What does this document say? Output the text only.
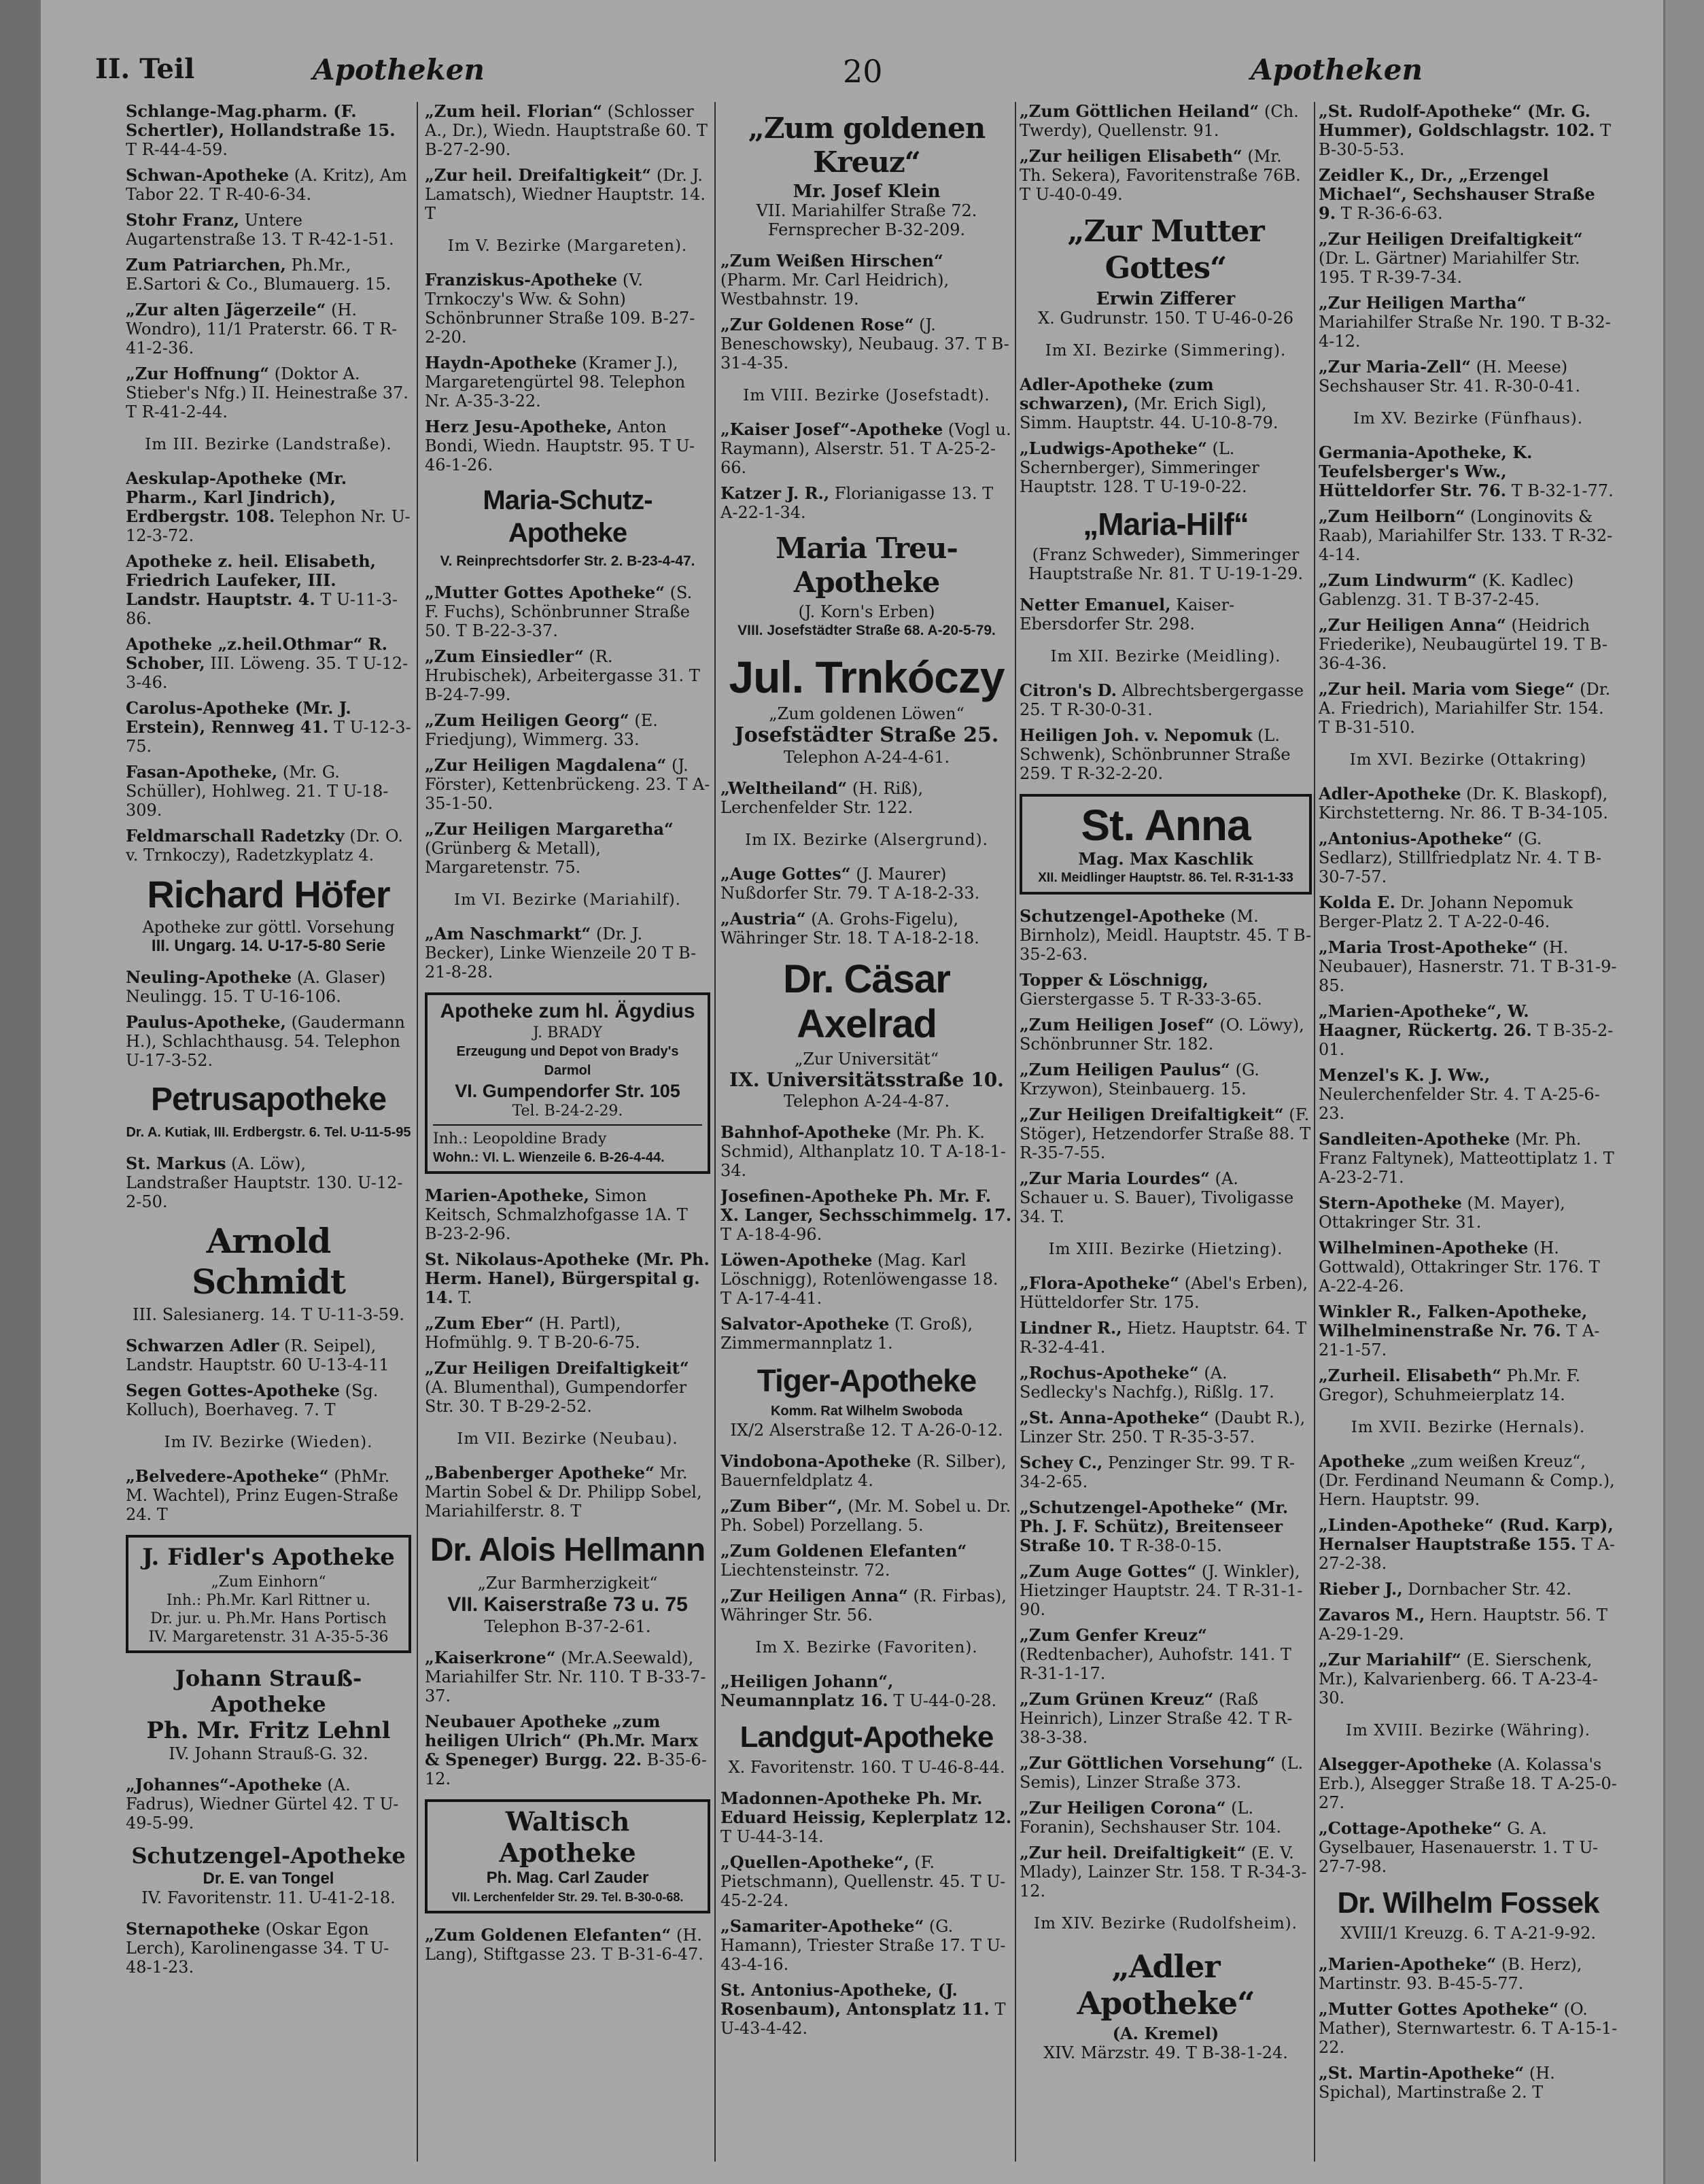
II. Teil	Apotheken	20	Apotheken
Schlange-Mag.pharm. (F. Schertler), Hollandstraße 15. T R-44-4-59.
Schwan-Apotheke (A. Kritz), Am Tabor 22. T R-40-6-34.
Stohr Franz, Untere Augartenstraße 13. T R-42-1-51.
Zum Patriarchen, Ph.Mr., E.Sartori & Co., Blumauerg. 15.
„Zur alten Jägerzeile“ (H. Wondro), 11/1 Praterstr. 66. T R-41-2-36.
„Zur Hoffnung“ (Doktor A. Stieber's Nfg.) II. Heinestraße 37. T R-41-2-44.
Im III. Bezirke (Landstraße).
Aeskulap-Apotheke (Mr. Pharm., Karl Jindrich), Erdbergstr. 108. Telephon Nr. U-12-3-72.
Apotheke z. heil. Elisabeth, Friedrich Laufeker, III. Landstr. Hauptstr. 4. T U-11-3-86.
Apotheke „z.heil.Othmar“ R. Schober, III. Löweng. 35. T U-12-3-46.
Carolus-Apotheke (Mr. J. Erstein), Rennweg 41. T U-12-3-75.
Fasan-Apotheke, (Mr. G. Schüller), Hohlweg. 21. T U-18-309.
Feldmarschall Radetzky (Dr. O. v. Trnkoczy), Radetzkyplatz 4.
Richard Höfer
Apotheke zur göttl. Vorsehung
III. Ungarg. 14. U-17-5-80 Serie
Neuling-Apotheke (A. Glaser) Neulingg. 15. T U-16-106.
Paulus-Apotheke, (Gaudermann H.), Schlachthausg. 54. Telephon U-17-3-52.
Petrusapotheke
Dr. A. Kutiak, III. Erdbergstr. 6. Tel. U-11-5-95
St. Markus (A. Löw), Landstraßer Hauptstr. 130. U-12-2-50.
Arnold Schmidt
III. Salesianerg. 14. T U-11-3-59.
Schwarzen Adler (R. Seipel), Landstr. Hauptstr. 60 U-13-4-11
Segen Gottes-Apotheke (Sg. Kolluch), Boerhaveg. 7. T
Im IV. Bezirke (Wieden).
„Belvedere-Apotheke“ (PhMr. M. Wachtel), Prinz Eugen-Straße 24. T
J. Fidler's Apotheke
„Zum Einhorn“
Inh.: Ph.Mr. Karl Rittner u.
Dr. jur. u. Ph.Mr. Hans Portisch
IV. Margaretenstr. 31 A-35-5-36
Johann Strauß-Apotheke
Ph. Mr. Fritz Lehnl
IV. Johann Strauß-G. 32.
„Johannes“-Apotheke (A. Fadrus), Wiedner Gürtel 42. T U-49-5-99.
Schutzengel-Apotheke
Dr. E. van Tongel
IV. Favoritenstr. 11. U-41-2-18.
Sternapotheke (Oskar Egon Lerch), Karolinengasse 34. T U-48-1-23.
„Zum heil. Florian“ (Schlosser A., Dr.), Wiedn. Hauptstraße 60. T B-27-2-90.
„Zur heil. Dreifaltigkeit“ (Dr. J. Lamatsch), Wiedner Hauptstr. 14. T
Im V. Bezirke (Margareten).
Franziskus-Apotheke (V. Trnkoczy's Ww. & Sohn) Schönbrunner Straße 109. B-27-2-20.
Haydn-Apotheke (Kramer J.), Margaretengürtel 98. Telephon Nr. A-35-3-22.
Herz Jesu-Apotheke, Anton Bondi, Wiedn. Hauptstr. 95. T U-46-1-26.
Maria-Schutz-Apotheke
V. Reinprechtsdorfer Str. 2. B-23-4-47.
„Mutter Gottes Apotheke“ (S. F. Fuchs), Schönbrunner Straße 50. T B-22-3-37.
„Zum Einsiedler“ (R. Hrubischek), Arbeitergasse 31. T B-24-7-99.
„Zum Heiligen Georg“ (E. Friedjung), Wimmerg. 33.
„Zur Heiligen Magdalena“ (J. Förster), Kettenbrückeng. 23. T A-35-1-50.
„Zur Heiligen Margaretha“ (Grünberg & Metall), Margaretenstr. 75.
Im VI. Bezirke (Mariahilf).
„Am Naschmarkt“ (Dr. J. Becker), Linke Wienzeile 20 T B-21-8-28.
Apotheke zum hl. Ägydius
J. BRADY
Erzeugung und Depot von Brady's Darmol
VI. Gumpendorfer Str. 105
Tel. B-24-2-29.
Inh.: Leopoldine Brady
Wohn.: VI. L. Wienzeile 6. B-26-4-44.
Marien-Apotheke, Simon Keitsch, Schmalzhofgasse 1A. T B-23-2-96.
St. Nikolaus-Apotheke (Mr. Ph. Herm. Hanel), Bürgerspital g. 14. T.
„Zum Eber“ (H. Partl), Hofmühlg. 9. T B-20-6-75.
„Zur Heiligen Dreifaltigkeit“ (A. Blumenthal), Gumpendorfer Str. 30. T B-29-2-52.
Im VII. Bezirke (Neubau).
„Babenberger Apotheke“ Mr. Martin Sobel & Dr. Philipp Sobel, Mariahilferstr. 8. T
Dr. Alois Hellmann
„Zur Barmherzigkeit“
VII. Kaiserstraße 73 u. 75
Telephon B-37-2-61.
„Kaiserkrone“ (Mr.A.Seewald), Mariahilfer Str. Nr. 110. T B-33-7-37.
Neubauer Apotheke „zum heiligen Ulrich“ (Ph.Mr. Marx & Speneger) Burgg. 22. B-35-6-12.
Waltisch Apotheke
Ph. Mag. Carl Zauder
VII. Lerchenfelder Str. 29. Tel. B-30-0-68.
„Zum Goldenen Elefanten“ (H. Lang), Stiftgasse 23. T B-31-6-47.
„Zum goldenen Kreuz“
Mr. Josef Klein
VII. Mariahilfer Straße 72.
Fernsprecher B-32-209.
„Zum Weißen Hirschen“ (Pharm. Mr. Carl Heidrich), Westbahnstr. 19.
„Zur Goldenen Rose“ (J. Beneschowsky), Neubaug. 37. T B-31-4-35.
Im VIII. Bezirke (Josefstadt).
„Kaiser Josef“-Apotheke (Vogl u. Raymann), Alserstr. 51. T A-25-2-66.
Katzer J. R., Florianigasse 13. T A-22-1-34.
Maria Treu-Apotheke
(J. Korn's Erben)
VIII. Josefstädter Straße 68. A-20-5-79.
Jul. Trnkóczy
„Zum goldenen Löwen“
Josefstädter Straße 25.
Telephon A-24-4-61.
„Weltheiland“ (H. Riß), Lerchenfelder Str. 122.
Im IX. Bezirke (Alsergrund).
„Auge Gottes“ (J. Maurer) Nußdorfer Str. 79. T A-18-2-33.
„Austria“ (A. Grohs-Figelu), Währinger Str. 18. T A-18-2-18.
Dr. Cäsar Axelrad
„Zur Universität“
IX. Universitätsstraße 10.
Telephon A-24-4-87.
Bahnhof-Apotheke (Mr. Ph. K. Schmid), Althanplatz 10. T A-18-1-34.
Josefinen-Apotheke Ph. Mr. F. X. Langer, Sechsschimmelg. 17. T A-18-4-96.
Löwen-Apotheke (Mag. Karl Löschnigg), Rotenlöwengasse 18. T A-17-4-41.
Salvator-Apotheke (T. Groß), Zimmermannplatz 1.
Tiger-Apotheke
Komm. Rat Wilhelm Swoboda
IX/2 Alserstraße 12. T A-26-0-12.
Vindobona-Apotheke (R. Silber), Bauernfeldplatz 4.
„Zum Biber“, (Mr. M. Sobel u. Dr. Ph. Sobel) Porzellang. 5.
„Zum Goldenen Elefanten“ Liechtensteinstr. 72.
„Zur Heiligen Anna“ (R. Firbas), Währinger Str. 56.
Im X. Bezirke (Favoriten).
„Heiligen Johann“, Neumannplatz 16. T U-44-0-28.
Landgut-Apotheke
X. Favoritenstr. 160. T U-46-8-44.
Madonnen-Apotheke Ph. Mr. Eduard Heissig, Keplerplatz 12. T U-44-3-14.
„Quellen-Apotheke“, (F. Pietschmann), Quellenstr. 45. T U-45-2-24.
„Samariter-Apotheke“ (G. Hamann), Triester Straße 17. T U-43-4-16.
St. Antonius-Apotheke, (J. Rosenbaum), Antonsplatz 11. T U-43-4-42.
„Zum Göttlichen Heiland“ (Ch. Twerdy), Quellenstr. 91.
„Zur heiligen Elisabeth“ (Mr. Th. Sekera), Favoritenstraße 76B. T U-40-0-49.
„Zur Mutter Gottes“
Erwin Zifferer
X. Gudrunstr. 150. T U-46-0-26
Im XI. Bezirke (Simmering).
Adler-Apotheke (zum schwarzen), (Mr. Erich Sigl), Simm. Hauptstr. 44. U-10-8-79.
„Ludwigs-Apotheke“ (L. Schernberger), Simmeringer Hauptstr. 128. T U-19-0-22.
„Maria-Hilf“
(Franz Schweder), Simmeringer
Hauptstraße Nr. 81. T U-19-1-29.
Netter Emanuel, Kaiser-Ebersdorfer Str. 298.
Im XII. Bezirke (Meidling).
Citron's D. Albrechtsbergergasse 25. T R-30-0-31.
Heiligen Joh. v. Nepomuk (L. Schwenk), Schönbrunner Straße 259. T R-32-2-20.
St. Anna
Mag. Max Kaschlik
XII. Meidlinger Hauptstr. 86. Tel. R-31-1-33
Schutzengel-Apotheke (M. Birnholz), Meidl. Hauptstr. 45. T B-35-2-63.
Topper & Löschnigg, Gierstergasse 5. T R-33-3-65.
„Zum Heiligen Josef“ (O. Löwy), Schönbrunner Str. 182.
„Zum Heiligen Paulus“ (G. Krzywon), Steinbauerg. 15.
„Zur Heiligen Dreifaltigkeit“ (F. Stöger), Hetzendorfer Straße 88. T R-35-7-55.
„Zur Maria Lourdes“ (A. Schauer u. S. Bauer), Tivoligasse 34. T.
Im XIII. Bezirke (Hietzing).
„Flora-Apotheke“ (Abel's Erben), Hütteldorfer Str. 175.
Lindner R., Hietz. Hauptstr. 64. T R-32-4-41.
„Rochus-Apotheke“ (A. Sedlecky's Nachfg.), Rißlg. 17.
„St. Anna-Apotheke“ (Daubt R.), Linzer Str. 250. T R-35-3-57.
Schey C., Penzinger Str. 99. T R-34-2-65.
„Schutzengel-Apotheke“ (Mr. Ph. J. F. Schütz), Breitenseer Straße 10. T R-38-0-15.
„Zum Auge Gottes“ (J. Winkler), Hietzinger Hauptstr. 24. T R-31-1-90.
„Zum Genfer Kreuz“ (Redtenbacher), Auhofstr. 141. T R-31-1-17.
„Zum Grünen Kreuz“ (Raß Heinrich), Linzer Straße 42. T R-38-3-38.
„Zur Göttlichen Vorsehung“ (L. Semis), Linzer Straße 373.
„Zur Heiligen Corona“ (L. Foranin), Sechshauser Str. 104.
„Zur heil. Dreifaltigkeit“ (E. V. Mlady), Lainzer Str. 158. T R-34-3-12.
Im XIV. Bezirke (Rudolfsheim).
„Adler Apotheke“
(A. Kremel)
XIV. Märzstr. 49. T B-38-1-24.
„St. Rudolf-Apotheke“ (Mr. G. Hummer), Goldschlagstr. 102. T B-30-5-53.
Zeidler K., Dr., „Erzengel Michael“, Sechshauser Straße 9. T R-36-6-63.
„Zur Heiligen Dreifaltigkeit“ (Dr. L. Gärtner) Mariahilfer Str. 195. T R-39-7-34.
„Zur Heiligen Martha“ Mariahilfer Straße Nr. 190. T B-32-4-12.
„Zur Maria-Zell“ (H. Meese) Sechshauser Str. 41. R-30-0-41.
Im XV. Bezirke (Fünfhaus).
Germania-Apotheke, K. Teufelsberger's Ww., Hütteldorfer Str. 76. T B-32-1-77.
„Zum Heilborn“ (Longinovits & Raab), Mariahilfer Str. 133. T R-32-4-14.
„Zum Lindwurm“ (K. Kadlec) Gablenzg. 31. T B-37-2-45.
„Zur Heiligen Anna“ (Heidrich Friederike), Neubaugürtel 19. T B-36-4-36.
„Zur heil. Maria vom Siege“ (Dr. A. Friedrich), Mariahilfer Str. 154. T B-31-510.
Im XVI. Bezirke (Ottakring)
Adler-Apotheke (Dr. K. Blaskopf), Kirchstetterng. Nr. 86. T B-34-105.
„Antonius-Apotheke“ (G. Sedlarz), Stillfriedplatz Nr. 4. T B-30-7-57.
Kolda E. Dr. Johann Nepomuk Berger-Platz 2. T A-22-0-46.
„Maria Trost-Apotheke“ (H. Neubauer), Hasnerstr. 71. T B-31-9-85.
„Marien-Apotheke“, W. Haagner, Rückertg. 26. T B-35-2-01.
Menzel's K. J. Ww., Neulerchenfelder Str. 4. T A-25-6-23.
Sandleiten-Apotheke (Mr. Ph. Franz Faltynek), Matteottiplatz 1. T A-23-2-71.
Stern-Apotheke (M. Mayer), Ottakringer Str. 31.
Wilhelminen-Apotheke (H. Gottwald), Ottakringer Str. 176. T A-22-4-26.
Winkler R., Falken-Apotheke, Wilhelminenstraße Nr. 76. T A-21-1-57.
„Zurheil. Elisabeth“ Ph.Mr. F. Gregor), Schuhmeierplatz 14.
Im XVII. Bezirke (Hernals).
Apotheke „zum weißen Kreuz“, (Dr. Ferdinand Neumann & Comp.), Hern. Hauptstr. 99.
„Linden-Apotheke“ (Rud. Karp), Hernalser Hauptstraße 155. T A-27-2-38.
Rieber J., Dornbacher Str. 42.
Zavaros M., Hern. Hauptstr. 56. T A-29-1-29.
„Zur Mariahilf“ (E. Sierschenk, Mr.), Kalvarienberg. 66. T A-23-4-30.
Im XVIII. Bezirke (Währing).
Alsegger-Apotheke (A. Kolassa's Erb.), Alsegger Straße 18. T A-25-0-27.
„Cottage-Apotheke“ G. A. Gyselbauer, Hasenauerstr. 1. T U-27-7-98.
Dr. Wilhelm Fossek
XVIII/1 Kreuzg. 6. T A-21-9-92.
„Marien-Apotheke“ (B. Herz), Martinstr. 93. B-45-5-77.
„Mutter Gottes Apotheke“ (O. Mather), Sternwartestr. 6. T A-15-1-22.
„St. Martin-Apotheke“ (H. Spichal), Martinstraße 2. T
